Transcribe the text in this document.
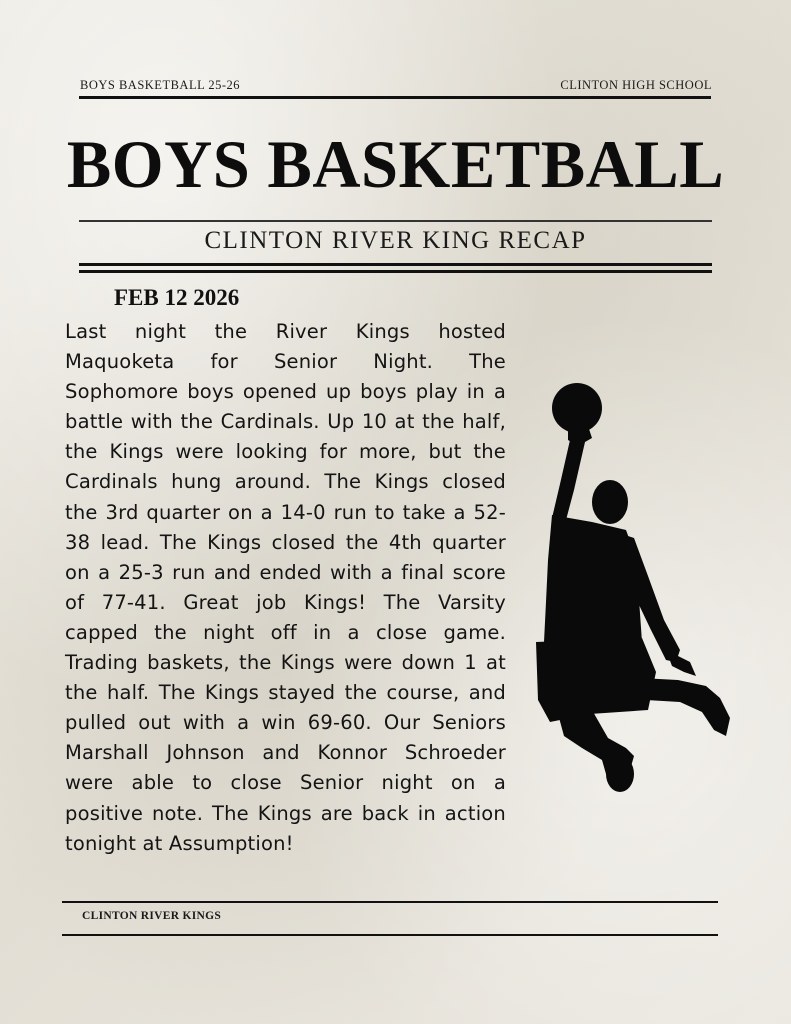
BOYS BASKETBALL 25-26	CLINTON HIGH SCHOOL
BOYS BASKETBALL
CLINTON RIVER KING RECAP
FEB 12 2026

Last night the River Kings hosted Maquoketa for Senior Night. The Sophomore boys opened up boys play in a battle with the Cardinals. Up 10 at the half, the Kings were looking for more, but the Cardinals hung around. The Kings closed the 3rd quarter on a 14-0 run to take a 52-38 lead. The Kings closed the 4th quarter on a 25-3 run and ended with a final score of 77-41. Great job Kings! The Varsity capped the night off in a close game. Trading baskets, the Kings were down 1 at the half. The Kings stayed the course, and pulled out with a win 69-60. Our Seniors Marshall Johnson and Konnor Schroeder were able to close Senior night on a positive note. The Kings are back in action tonight at Assumption!

CLINTON RIVER KINGS
